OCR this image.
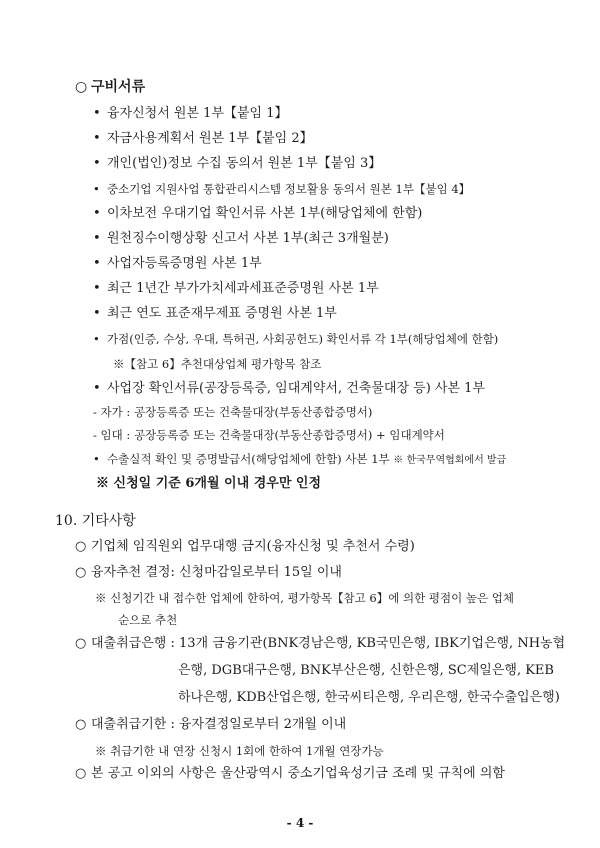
○ 구비서류
• 융자신청서 원본 1부【붙임 1】
• 자금사용계획서 원본 1부【붙임 2】
• 개인(법인)정보 수집 동의서 원본 1부【붙임 3】
• 중소기업 지원사업 통합관리시스템 정보활용 동의서 원본 1부【붙임 4】
• 이차보전 우대기업 확인서류 사본 1부(해당업체에 한함)
• 원천징수이행상황 신고서 사본 1부(최근 3개월분)
• 사업자등록증명원 사본 1부
• 최근 1년간 부가가치세과세표준증명원 사본 1부
• 최근 연도 표준재무제표 증명원 사본 1부
• 가점(인증, 수상, 우대, 특허권, 사회공헌도) 확인서류 각 1부(해당업체에 한함)
※【참고 6】추천대상업체 평가항목 참조
• 사업장 확인서류(공장등록증, 임대계약서, 건축물대장 등) 사본 1부
- 자가 : 공장등록증 또는 건축물대장(부동산종합증명서)
- 임대 : 공장등록증 또는 건축물대장(부동산종합증명서) + 임대계약서
• 수출실적 확인 및 증명발급서(해당업체에 한함) 사본 1부 ※ 한국무역협회에서 발급
※ 신청일 기준 6개월 이내 경우만 인정
10. 기타사항
○ 기업체 임직원외 업무대행 금지(융자신청 및 추천서 수령)
○ 융자추천 결정: 신청마감일로부터 15일 이내
※ 신청기간 내 접수한 업체에 한하여, 평가항목【참고 6】에 의한 평점이 높은 업체
순으로 추천
○ 대출취급은행 : 13개 금융기관(BNK경남은행, KB국민은행, IBK기업은행, NH농협
은행, DGB대구은행, BNK부산은행, 신한은행, SC제일은행, KEB
하나은행, KDB산업은행, 한국씨티은행, 우리은행, 한국수출입은행)
○ 대출취급기한 : 융자결정일로부터 2개월 이내
※ 취급기한 내 연장 신청시 1회에 한하여 1개월 연장가능
○ 본 공고 이외의 사항은 울산광역시 중소기업육성기금 조례 및 규칙에 의함
- 4 -
